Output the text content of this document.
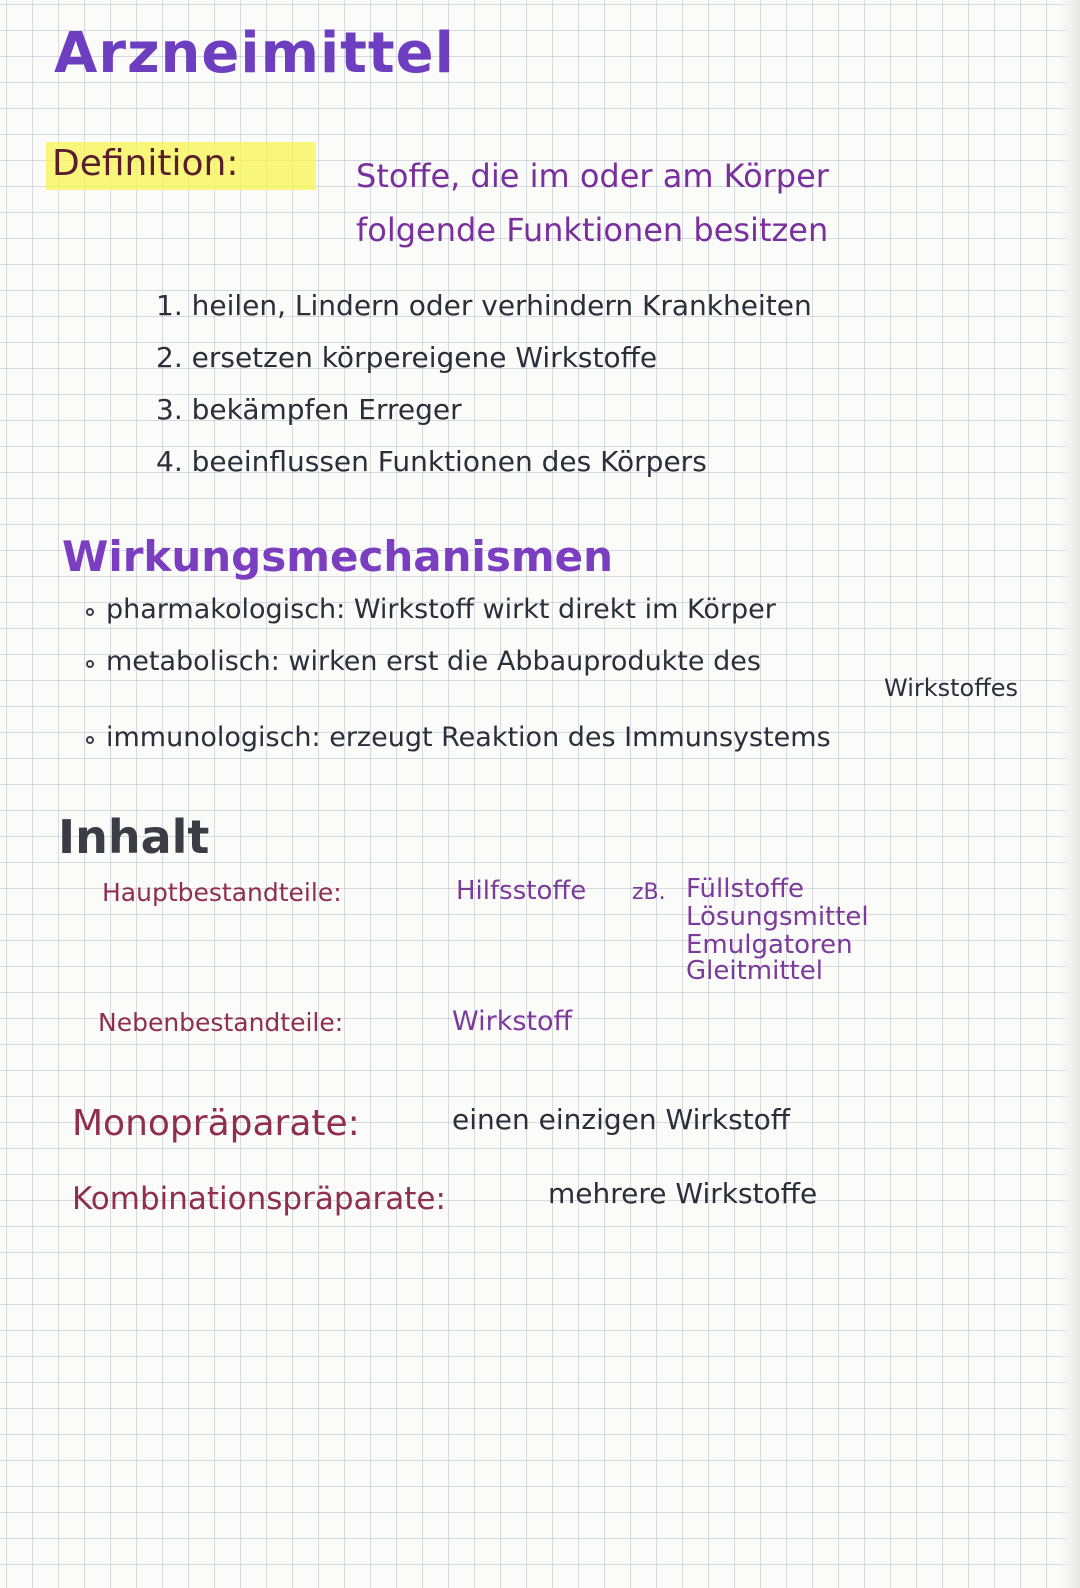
Arzneimittel
Definition:	Stoffe, die im oder am Körper
folgende Funktionen besitzen
1. heilen, Lindern oder verhindern Krankheiten
2. ersetzen körpereigene Wirkstoffe
3. bekämpfen Erreger
4. beeinflussen Funktionen des Körpers
Wirkungsmechanismen
pharmakologisch: Wirkstoff wirkt direkt im Körper
metabolisch: wirken erst die Abbauprodukte des
Wirkstoffes
immunologisch: erzeugt Reaktion des Immunsystems
Inhalt
Hauptbestandteile:	Hilfsstoffe zB. Füllstoffe
Lösungsmittel
Emulgatoren
Gleitmittel
Nebenbestandteile:	Wirkstoff
Monopräparate:	einen einzigen Wirkstoff
Kombinationspräparate:	mehrere Wirkstoffe
